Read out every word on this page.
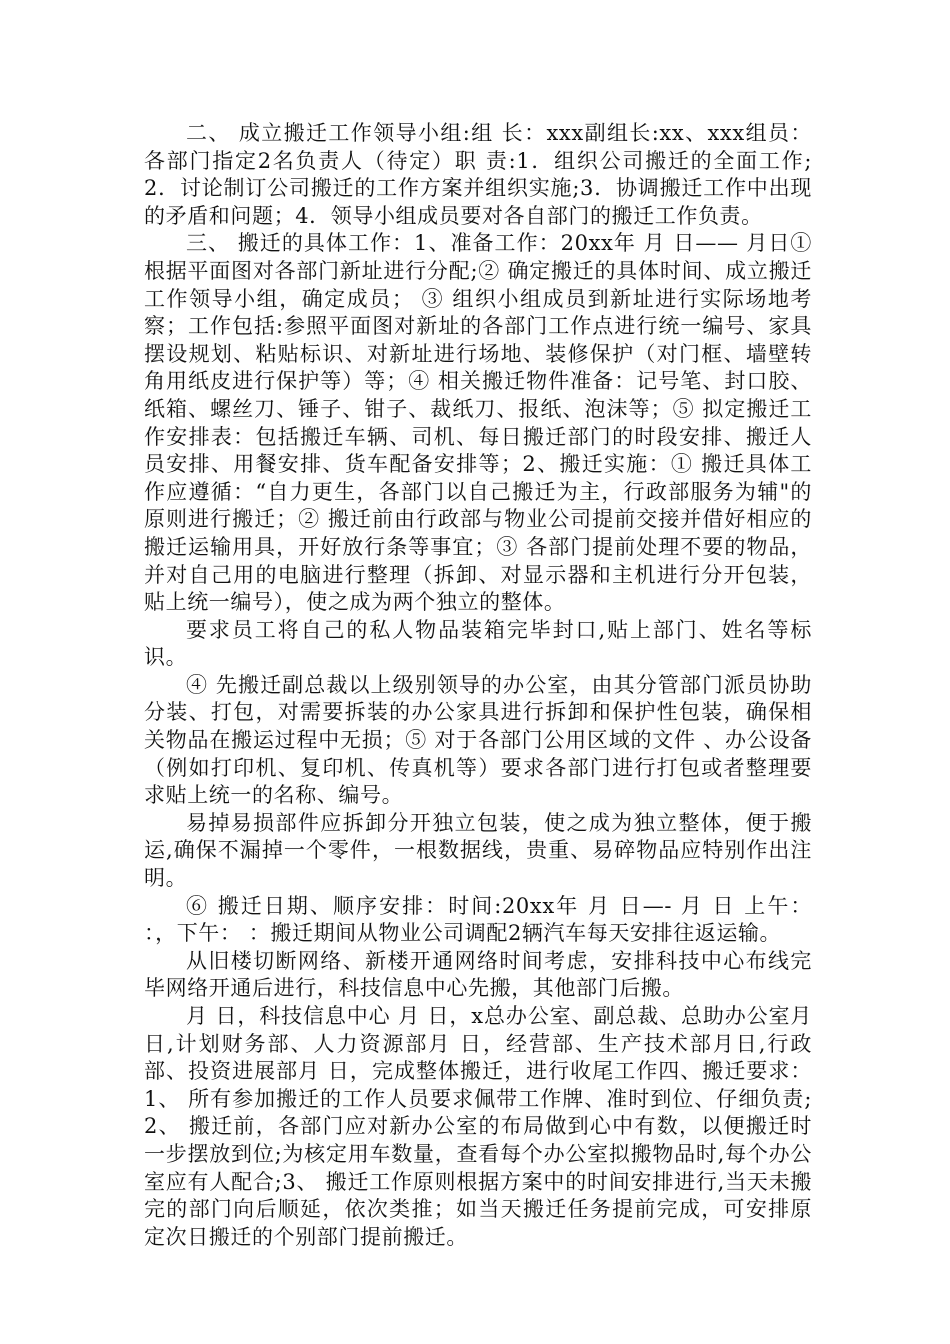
二、 成立搬迁工作领导小组:组 长：xxx副组长:xx、xxx组员：各部门指定2名负责人（待定）职 责:1．组织公司搬迁的全面工作;2．讨论制订公司搬迁的工作方案并组织实施;3．协调搬迁工作中出现的矛盾和问题；4．领导小组成员要对各自部门的搬迁工作负责。

三、 搬迁的具体工作：1、准备工作：20xx年 月 日—— 月日① 根据平面图对各部门新址进行分配;② 确定搬迁的具体时间、成立搬迁工作领导小组，确定成员； ③ 组织小组成员到新址进行实际场地考察；工作包括:参照平面图对新址的各部门工作点进行统一编号、家具摆设规划、粘贴标识、对新址进行场地、装修保护（对门框、墙壁转角用纸皮进行保护等）等；④ 相关搬迁物件准备：记号笔、封口胶、纸箱、螺丝刀、锤子、钳子、裁纸刀、报纸、泡沫等；⑤ 拟定搬迁工作安排表：包括搬迁车辆、司机、每日搬迁部门的时段安排、搬迁人员安排、用餐安排、货车配备安排等；2、搬迁实施：① 搬迁具体工作应遵循：“自力更生，各部门以自己搬迁为主，行政部服务为辅"的原则进行搬迁；② 搬迁前由行政部与物业公司提前交接并借好相应的搬迁运输用具，开好放行条等事宜；③ 各部门提前处理不要的物品，并对自己用的电脑进行整理（拆卸、对显示器和主机进行分开包装，贴上统一编号），使之成为两个独立的整体。

要求员工将自己的私人物品装箱完毕封口,贴上部门、姓名等标识。

④ 先搬迁副总裁以上级别领导的办公室，由其分管部门派员协助分装、打包，对需要拆装的办公家具进行拆卸和保护性包装，确保相关物品在搬运过程中无损；⑤ 对于各部门公用区域的文件 、办公设备（例如打印机、复印机、传真机等）要求各部门进行打包或者整理要求贴上统一的名称、编号。

易掉易损部件应拆卸分开独立包装，使之成为独立整体，便于搬运,确保不漏掉一个零件，一根数据线，贵重、易碎物品应特别作出注明。

⑥ 搬迁日期、顺序安排：时间:20xx年 月 日—- 月 日 上午： ：，下午： ：搬迁期间从物业公司调配2辆汽车每天安排往返运输。

从旧楼切断网络、新楼开通网络时间考虑，安排科技中心布线完毕网络开通后进行，科技信息中心先搬，其他部门后搬。

月 日，科技信息中心 月 日，x总办公室、副总裁、总助办公室月 日,计划财务部、人力资源部月 日，经营部、生产技术部月日,行政部、投资进展部月 日，完成整体搬迁，进行收尾工作四、搬迁要求：1、 所有参加搬迁的工作人员要求佩带工作牌、准时到位、仔细负责;2、 搬迁前，各部门应对新办公室的布局做到心中有数，以便搬迁时 一步摆放到位;为核定用车数量，查看每个办公室拟搬物品时,每个办公室应有人配合;3、 搬迁工作原则根据方案中的时间安排进行,当天未搬完的部门向后顺延，依次类推；如当天搬迁任务提前完成，可安排原定次日搬迁的个别部门提前搬迁。
